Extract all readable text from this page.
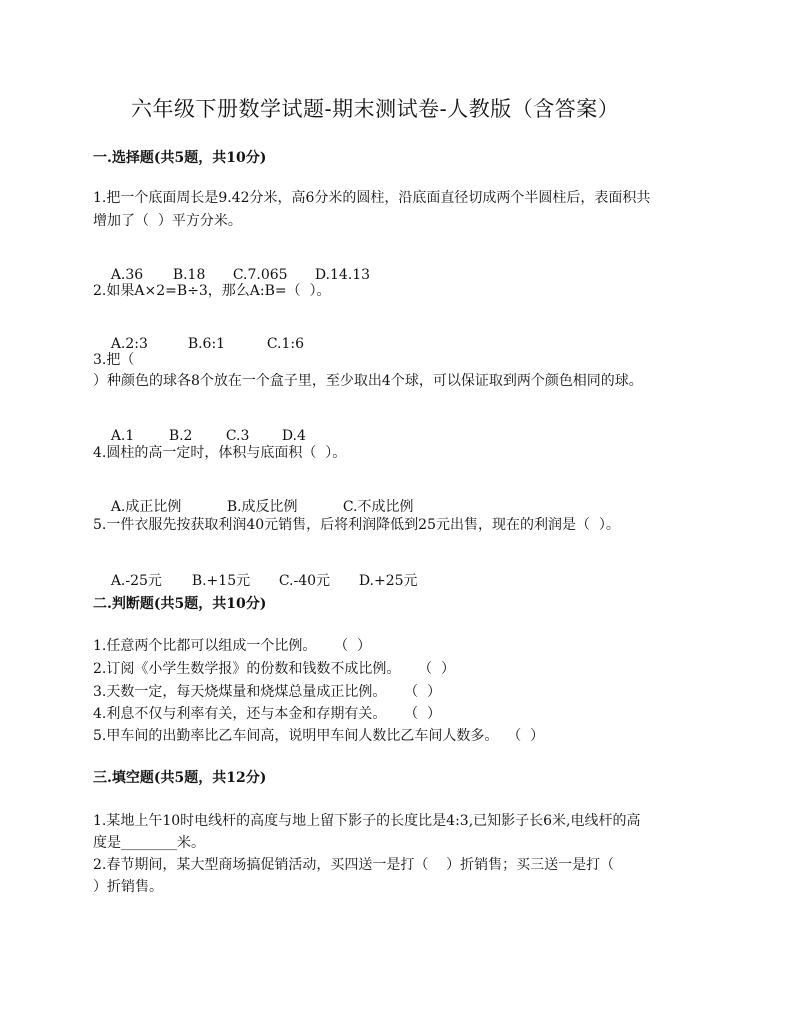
六年级下册数学试题-期末测试卷-人教版（含答案）
一.选择题(共5题，共10分)
1.把一个底面周长是9.42分米，高6分米的圆柱，沿底面直径切成两个半圆柱后，表面积共
增加了（  ）平方分米。

A.36 B.18 C.7.065 D.14.13

2.如果A×2=B÷3，那么A:B=（  ）。

A.2:3	B.6:1	C.1:6

3.把（
）种颜色的球各8个放在一个盒子里，至少取出4个球，可以保证取到两个颜色相同的球。

A.1 B.2 C.3 D.4

4.圆柱的高一定时，体积与底面积（  ）。

A.成正比例	B.成反比例	C.不成比例

5.一件衣服先按获取利润40元销售，后将利润降低到25元出售，现在的利润是（  ）。

A.-25元 B.+15元 C.-40元 D.+25元

二.判断题(共5题，共10分)
1.任意两个比都可以组成一个比例。    （  ）
2.订阅《小学生数学报》的份数和钱数不成比例。    （  ）
3.天数一定，每天烧煤量和烧煤总量成正比例。    （  ）
4.利息不仅与利率有关，还与本金和存期有关。    （  ）
5.甲车间的出勤率比乙车间高，说明甲车间人数比乙车间人数多。  （  ）
三.填空题(共5题，共12分)
1.某地上午10时电线杆的高度与地上留下影子的长度比是4:3,已知影子长6米,电线杆的高
度是________米。
2.春节期间，某大型商场搞促销活动，买四送一是打（    ）折销售；买三送一是打（
）折销售。
